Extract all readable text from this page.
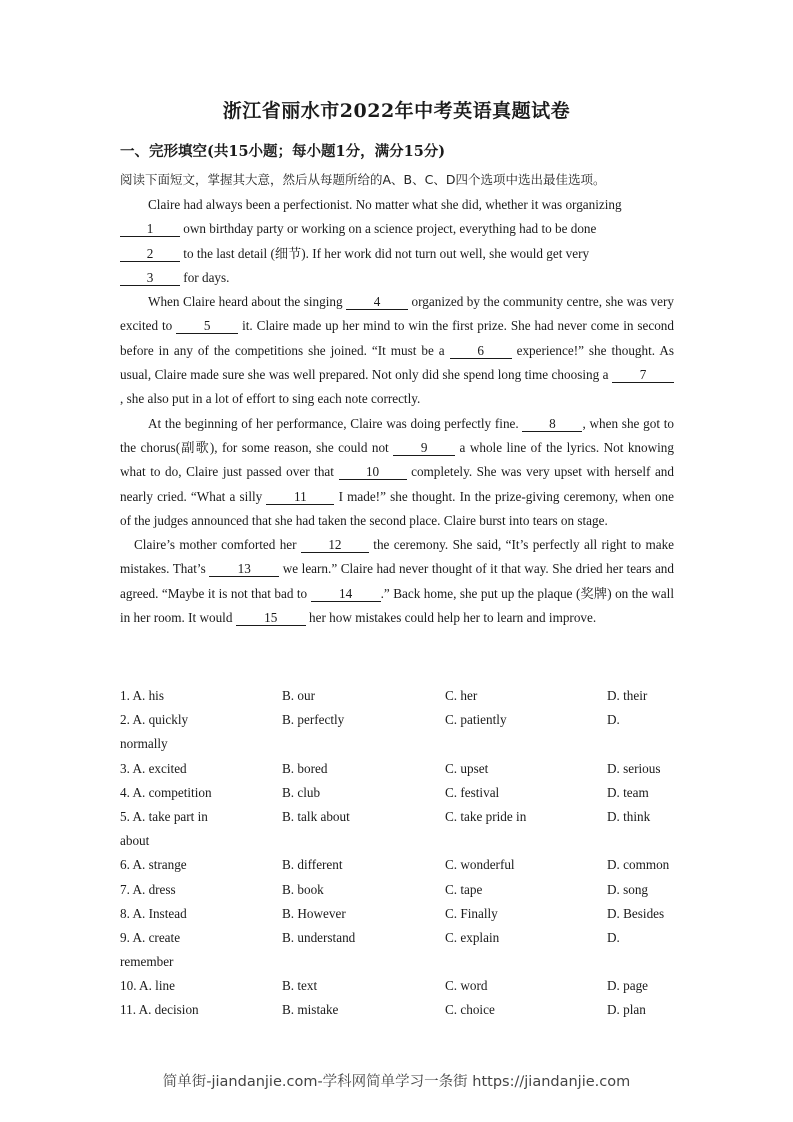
浙江省丽水市2022年中考英语真题试卷
一、完形填空(共15小题；每小题1分，满分15分)
阅读下面短文，掌握其大意，然后从每题所给的A、B、C、D四个选项中选出最佳选项。

Claire had always been a perfectionist. No matter what she did, whether it was organizing
1 own birthday party or working on a science project, everything had to be done
2 to the last detail (细节). If her work did not turn out well, she would get very
3 for days.

When Claire heard about the singing 4 organized by the community centre, she was very excited to 5 it. Claire made up her mind to win the first prize. She had never come in second before in any of the competitions she joined. “It must be a 6 experience!” she thought. As usual, Claire made sure she was well prepared. Not only did she spend long time choosing a 7, she also put in a lot of effort to sing each note correctly.

At the beginning of her performance, Claire was doing perfectly fine. 8 , when she got to the chorus(副歌), for some reason, she could not 9 a whole line of the lyrics. Not knowing what to do, Claire just passed over that 10 completely. She was very upset with herself and nearly cried. “What a silly 11 I made!” she thought. In the prize-giving ceremony, when one of the judges announced that she had taken the second place. Claire burst into tears on stage.

Claire’s mother comforted her 12 the ceremony. She said, “It’s perfectly all right to make mistakes. That’s 13 we learn.” Claire had never thought of it that way. She dried her tears and agreed. “Maybe it is not that bad to 14 .” Back home, she put up the plaque (奖牌) on the wall in her room. It would 15 her how mistakes could help her to learn and improve.

1. A. his	B. our	C. her	D. their
2. A. quickly	B. perfectly	C. patiently	D.
normally
3. A. excited	B. bored	C. upset	D. serious
4. A. competition	B. club	C. festival	D. team
5. A. take part in	B. talk about	C. take pride in	D. think
about
6. A. strange	B. different	C. wonderful	D. common
7. A. dress	B. book	C. tape	D. song
8. A. Instead	B. However	C. Finally	D. Besides
9. A. create	B. understand	C. explain	D.
remember
10. A. line	B. text	C. word	D. page
11. A. decision	B. mistake	C. choice	D. plan
简单街-jiandanjie.com-学科网简单学习一条街 https://jiandanjie.com
